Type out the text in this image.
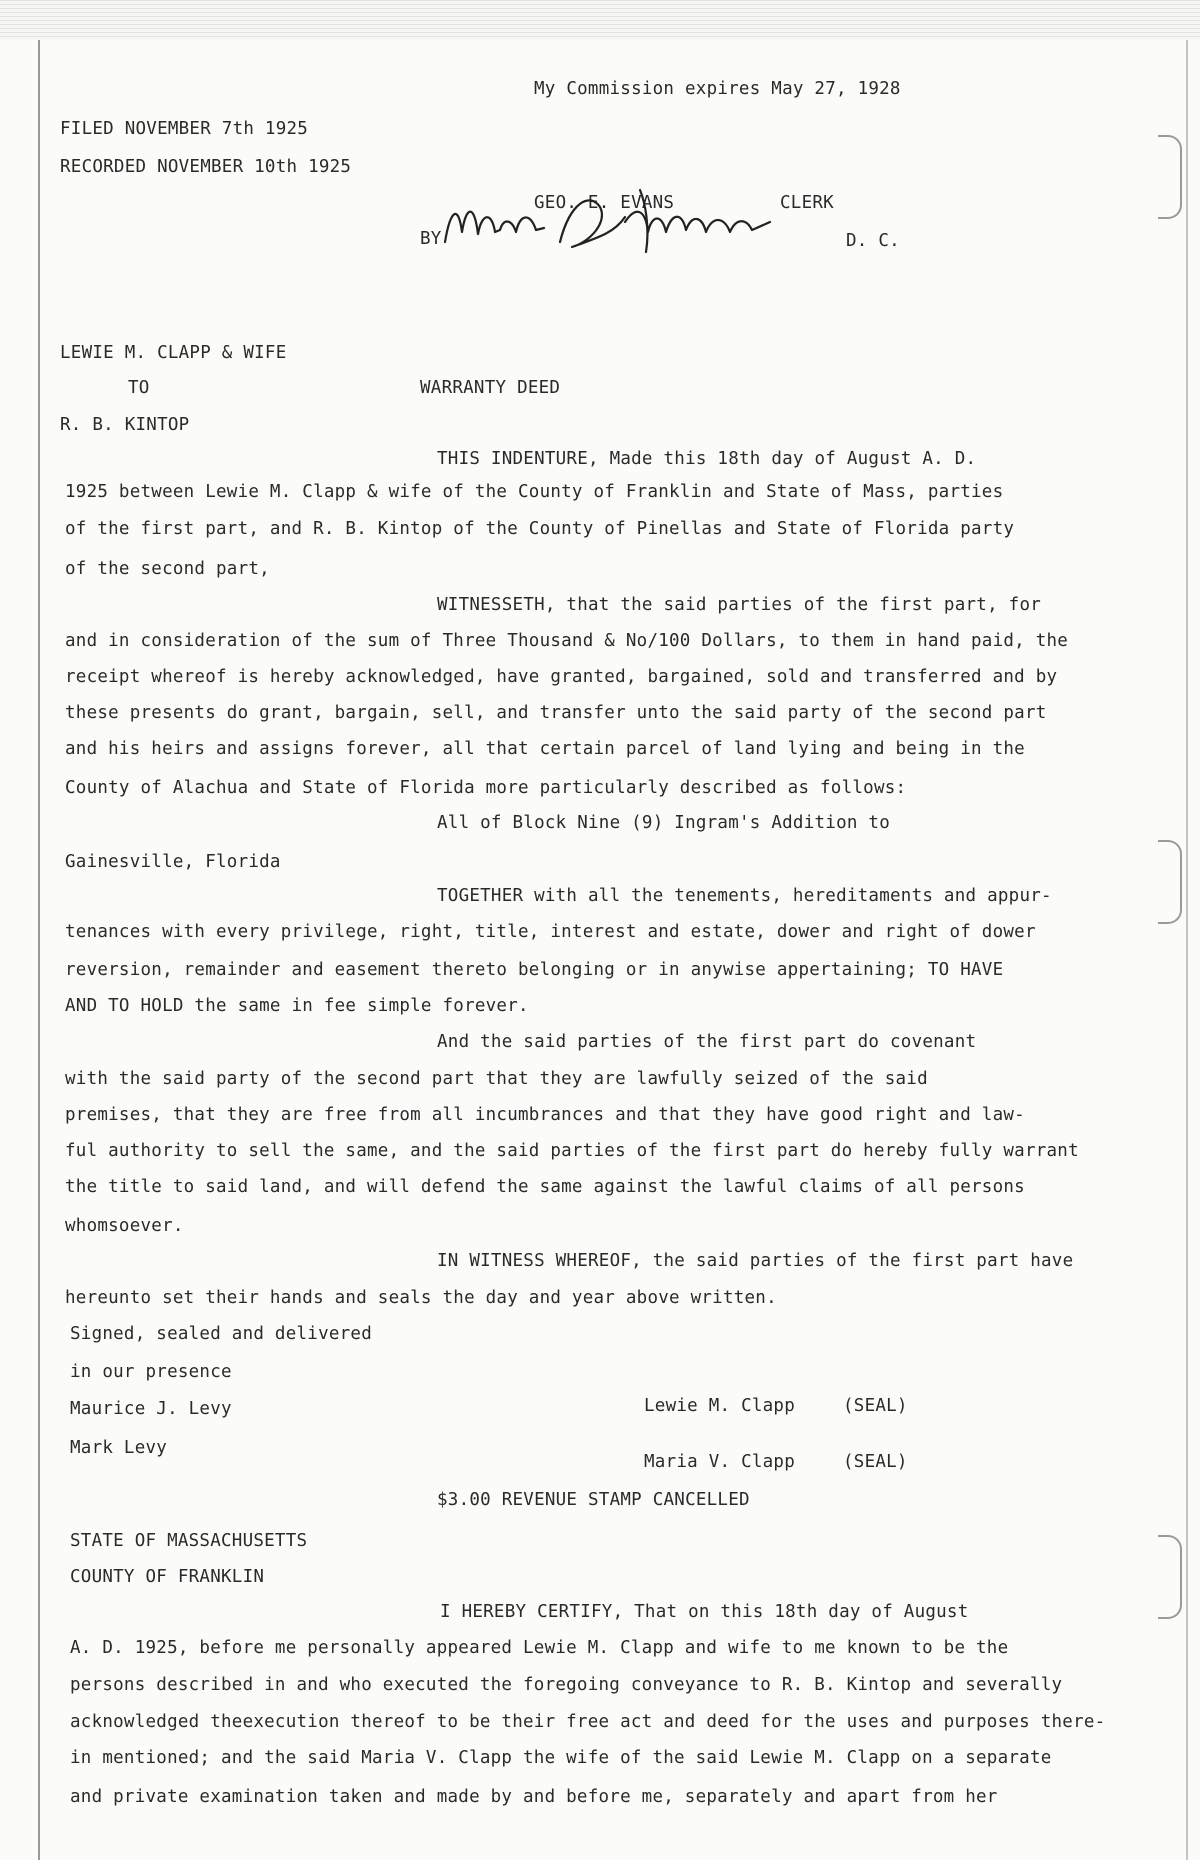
My Commission expires May 27, 1928
FILED NOVEMBER 7th 1925
RECORDED NOVEMBER 10th 1925
GEO. E. EVANS	CLERK
BY	D. C.
LEWIE M. CLAPP & WIFE
TO	WARRANTY DEED
R. B. KINTOP
THIS INDENTURE, Made this 18th day of August A. D.
1925 between Lewie M. Clapp & wife of the County of Franklin and State of Mass, parties
of the first part, and R. B. Kintop of the County of Pinellas and State of Florida party
of the second part,
WITNESSETH, that the said parties of the first part, for
and in consideration of the sum of Three Thousand & No/100 Dollars, to them in hand paid, the
receipt whereof is hereby acknowledged, have granted, bargained, sold and transferred and by
these presents do grant, bargain, sell, and transfer unto the said party of the second part
and his heirs and assigns forever, all that certain parcel of land lying and being in the
County of Alachua and State of Florida more particularly described as follows:
All of Block Nine (9) Ingram's Addition to
Gainesville, Florida
TOGETHER with all the tenements, hereditaments and appur-
tenances with every privilege, right, title, interest and estate, dower and right of dower
reversion, remainder and easement thereto belonging or in anywise appertaining; TO HAVE
AND TO HOLD the same in fee simple forever.
And the said parties of the first part do covenant
with the said party of the second part that they are lawfully seized of the said
premises, that they are free from all incumbrances and that they have good right and law-
ful authority to sell the same, and the said parties of the first part do hereby fully warrant
the title to said land, and will defend the same against the lawful claims of all persons
whomsoever.
IN WITNESS WHEREOF, the said parties of the first part have
hereunto set their hands and seals the day and year above written.
Signed, sealed and delivered
in our presence
Maurice J. Levy
Mark Levy
Lewie M. Clapp	(SEAL)
Maria V. Clapp	(SEAL)
$3.00 REVENUE STAMP CANCELLED
STATE OF MASSACHUSETTS
COUNTY OF FRANKLIN
I HEREBY CERTIFY, That on this 18th day of August
A. D. 1925, before me personally appeared Lewie M. Clapp and wife to me known to be the
persons described in and who executed the foregoing conveyance to R. B. Kintop and severally
acknowledged theexecution thereof to be their free act and deed for the uses and purposes there-
in mentioned; and the said Maria V. Clapp the wife of the said Lewie M. Clapp on a separate
and private examination taken and made by and before me, separately and apart from her
